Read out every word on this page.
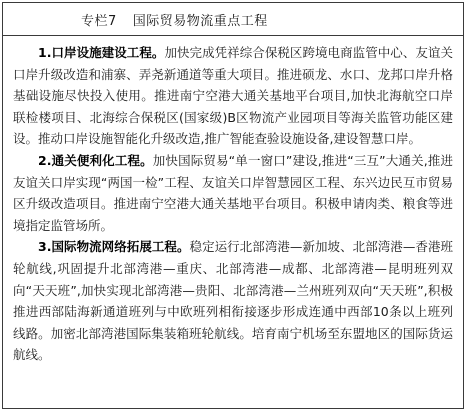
专栏7 国际贸易物流重点工程

1.口岸设施建设工程。加快完成凭祥综合保税区跨境电商监管中心、友谊关口岸升级改造和浦寨、弄尧新通道等重大项目。推进硕龙、水口、龙邦口岸升格基础设施尽快投入使用。推进南宁空港大通关基地平台项目,加快北海航空口岸联检楼项目、北海综合保税区(国家级)B区物流产业园项目等海关监管功能区建设。推动口岸设施智能化升级改造,推广智能查验设施设备,建设智慧口岸。

2.通关便利化工程。加快国际贸易“单一窗口”建设,推进“三互”大通关,推进友谊关口岸实现“两国一检”工程、友谊关口岸智慧园区工程、东兴边民互市贸易区升级改造项目。推进南宁空港大通关基地平台项目。积极申请肉类、粮食等进境指定监管场所。

3.国际物流网络拓展工程。稳定运行北部湾港—新加坡、北部湾港—香港班轮航线,巩固提升北部湾港—重庆、北部湾港—成都、北部湾港—昆明班列双向“天天班”,加快实现北部湾港—贵阳、北部湾港—兰州班列双向“天天班”,积极推进西部陆海新通道班列与中欧班列相衔接逐步形成连通中西部10条以上班列线路。加密北部湾港国际集装箱班轮航线。培育南宁机场至东盟地区的国际货运航线。
